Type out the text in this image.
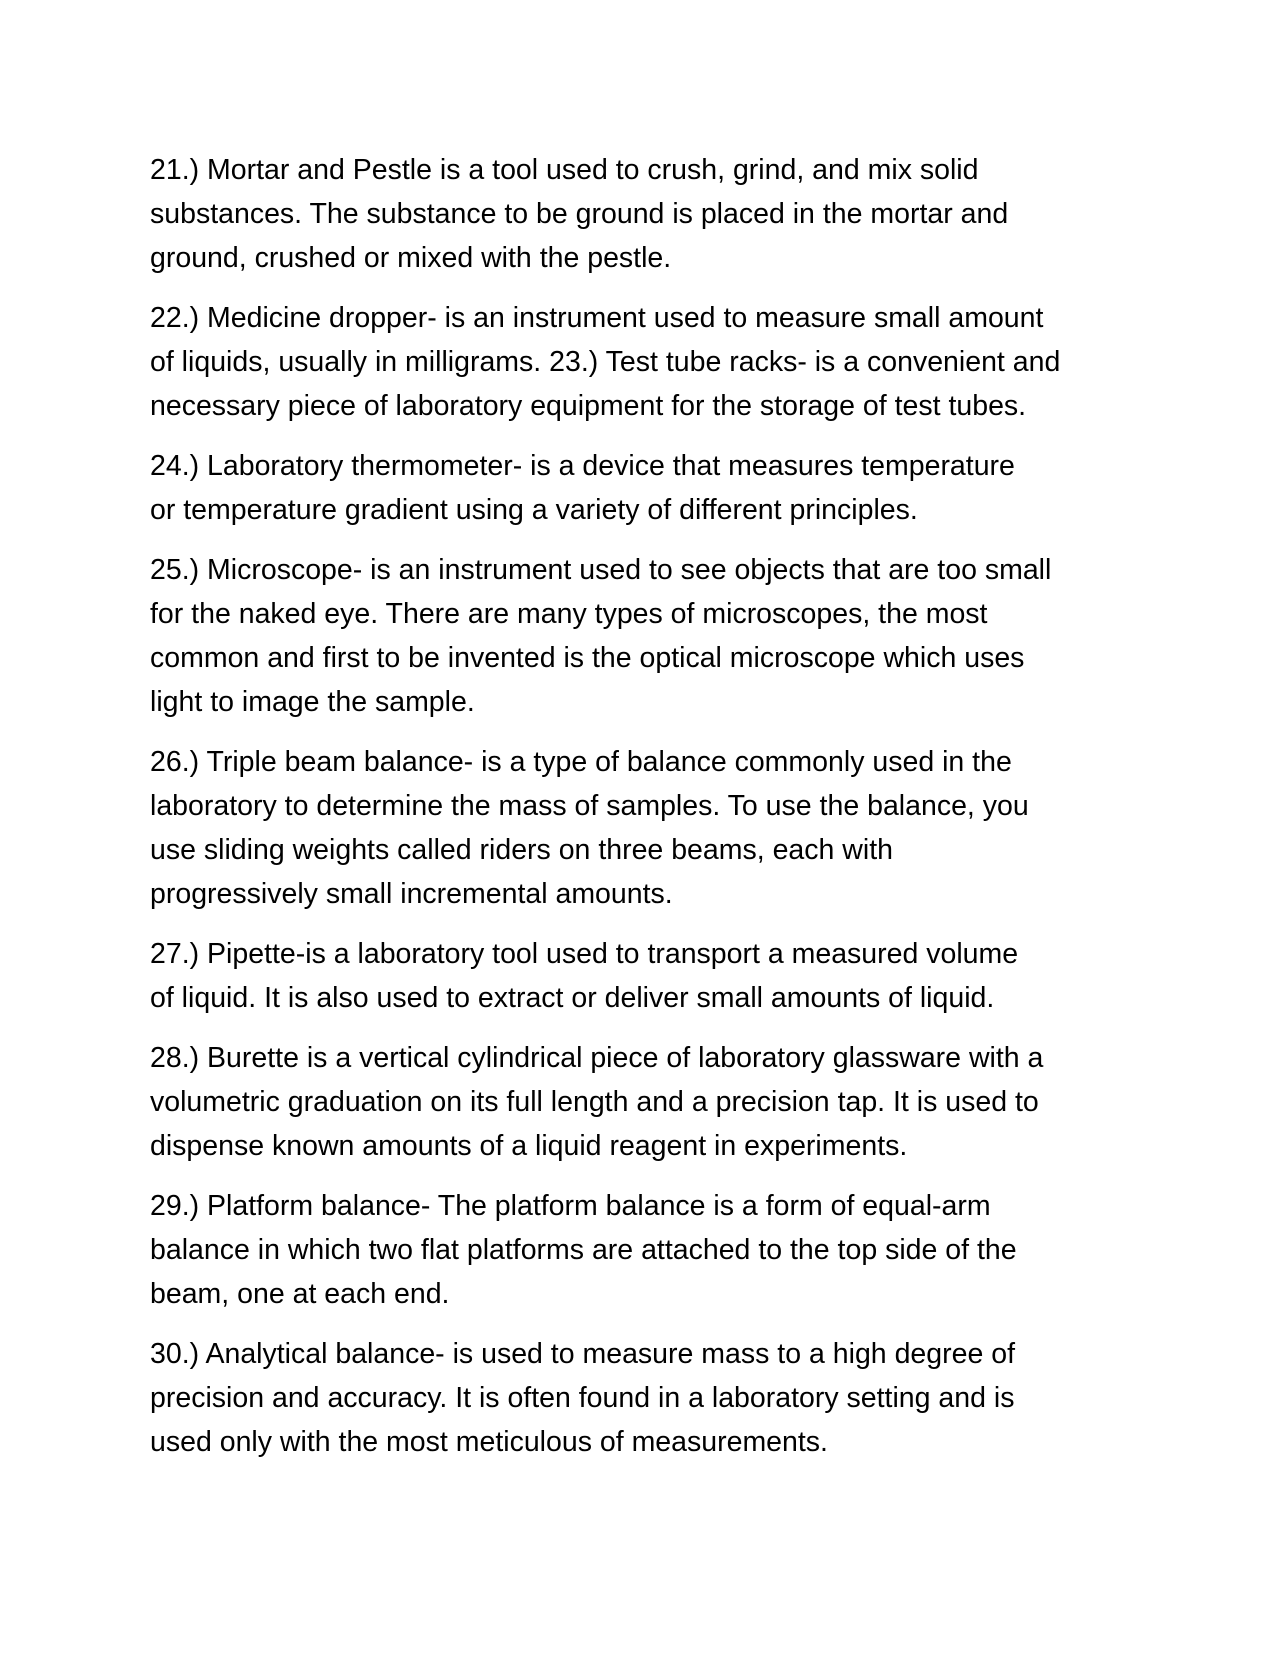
21.) Mortar and Pestle is a tool used to crush, grind, and mix solid
substances. The substance to be ground is placed in the mortar and
ground, crushed or mixed with the pestle.

22.) Medicine dropper- is an instrument used to measure small amount
of liquids, usually in milligrams. 23.) Test tube racks- is a convenient and
necessary piece of laboratory equipment for the storage of test tubes.

24.) Laboratory thermometer- is a device that measures temperature
or temperature gradient using a variety of different principles.

25.) Microscope- is an instrument used to see objects that are too small
for the naked eye. There are many types of microscopes, the most
common and first to be invented is the optical microscope which uses
light to image the sample.

26.) Triple beam balance- is a type of balance commonly used in the
laboratory to determine the mass of samples. To use the balance, you
use sliding weights called riders on three beams, each with
progressively small incremental amounts.

27.) Pipette-is a laboratory tool used to transport a measured volume
of liquid. It is also used to extract or deliver small amounts of liquid.

28.) Burette is a vertical cylindrical piece of laboratory glassware with a
volumetric graduation on its full length and a precision tap. It is used to
dispense known amounts of a liquid reagent in experiments.

29.) Platform balance- The platform balance is a form of equal-arm
balance in which two flat platforms are attached to the top side of the
beam, one at each end.

30.) Analytical balance- is used to measure mass to a high degree of
precision and accuracy. It is often found in a laboratory setting and is
used only with the most meticulous of measurements.
